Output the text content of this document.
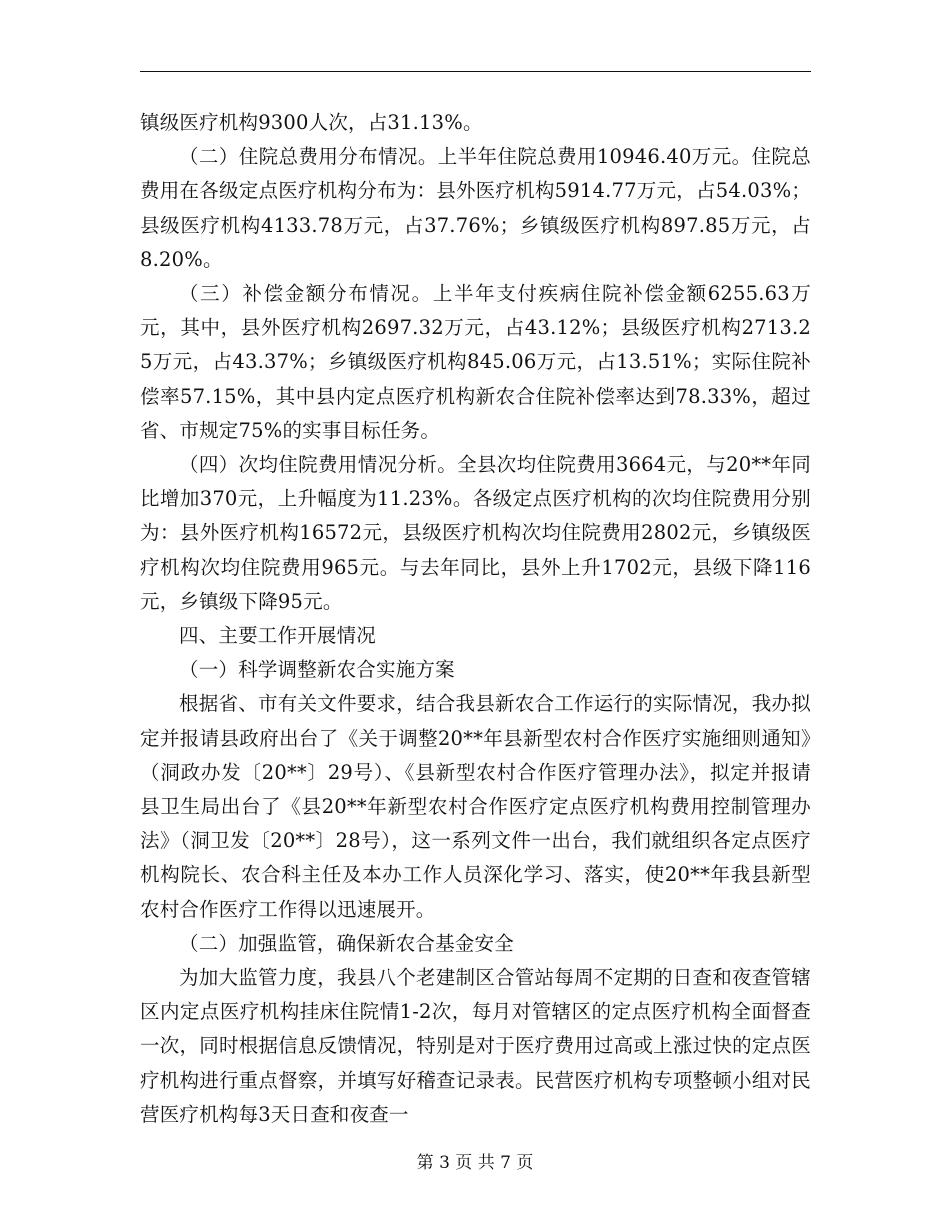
镇级医疗机构9300人次，占31.13%。

（二）住院总费用分布情况。上半年住院总费用10946.40万元。住院总费用在各级定点医疗机构分布为：县外医疗机构5914.77万元，占54.03%；县级医疗机构4133.78万元，占37.76%；乡镇级医疗机构897.85万元，占8.20%。

（三）补偿金额分布情况。上半年支付疾病住院补偿金额6255.63万元，其中，县外医疗机构2697.32万元，占43.12%；县级医疗机构2713.25万元，占43.37%；乡镇级医疗机构845.06万元，占13.51%；实际住院补偿率57.15%，其中县内定点医疗机构新农合住院补偿率达到78.33%，超过省、市规定75%的实事目标任务。

（四）次均住院费用情况分析。全县次均住院费用3664元，与20**年同比增加370元，上升幅度为11.23%。各级定点医疗机构的次均住院费用分别为：县外医疗机构16572元，县级医疗机构次均住院费用2802元，乡镇级医疗机构次均住院费用965元。与去年同比，县外上升1702元，县级下降116元，乡镇级下降95元。

四、主要工作开展情况

（一）科学调整新农合实施方案

根据省、市有关文件要求，结合我县新农合工作运行的实际情况，我办拟定并报请县政府出台了《关于调整20**年县新型农村合作医疗实施细则通知》（洞政办发〔20**〕29号）、《县新型农村合作医疗管理办法》，拟定并报请县卫生局出台了《县20**年新型农村合作医疗定点医疗机构费用控制管理办法》（洞卫发〔20**〕28号），这一系列文件一出台，我们就组织各定点医疗机构院长、农合科主任及本办工作人员深化学习、落实，使20**年我县新型农村合作医疗工作得以迅速展开。

（二）加强监管，确保新农合基金安全

为加大监管力度，我县八个老建制区合管站每周不定期的日查和夜查管辖区内定点医疗机构挂床住院情1-2次，每月对管辖区的定点医疗机构全面督查一次，同时根据信息反馈情况，特别是对于医疗费用过高或上涨过快的定点医疗机构进行重点督察，并填写好稽查记录表。民营医疗机构专项整顿小组对民营医疗机构每3天日查和夜查一

第 3 页 共 7 页
